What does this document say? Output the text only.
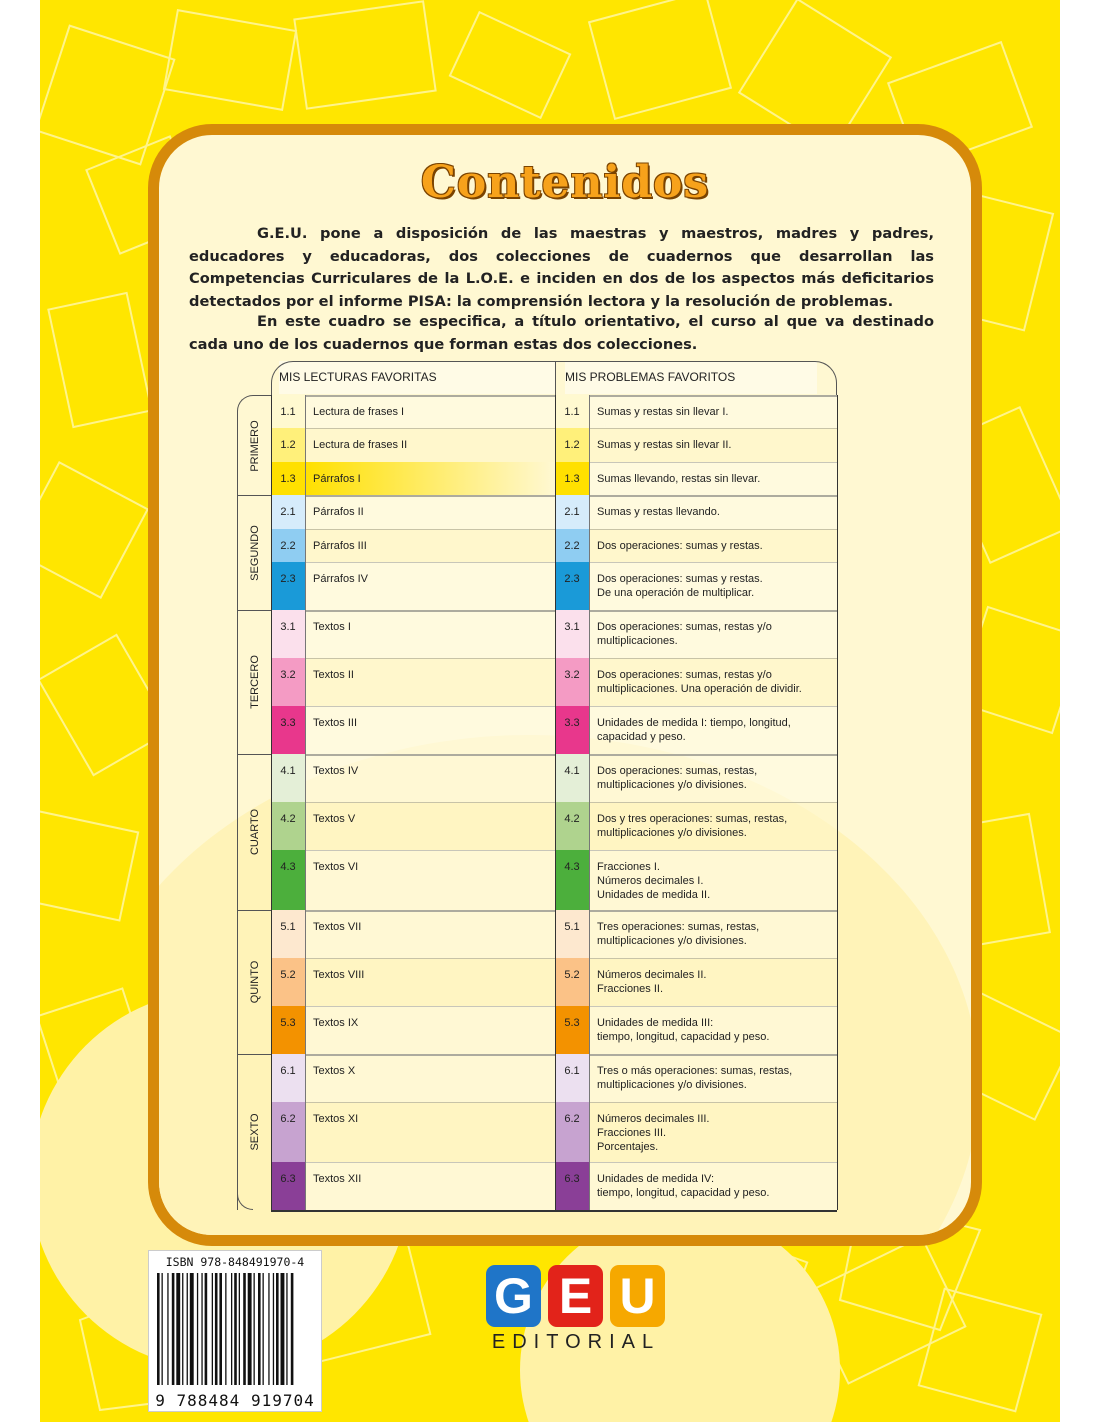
Contenidos
G.E.U. pone a disposición de las maestras y maestros, madres y padres, educadores y educadoras, dos colecciones de cuadernos que desarrollan las Competencias Curriculares de la L.O.E. e inciden en dos de los aspectos más deficitarios detectados por el informe PISA: la comprensión lectora y la resolución de problemas.
En este cuadro se especifica, a título orientativo, el curso al que va destinado cada uno de los cuadernos que forman estas dos colecciones.
MIS LECTURAS FAVORITAS	MIS PROBLEMAS FAVORITOS
PRIMERO
1.1	Lectura de frases I	1.1	Sumas y restas sin llevar I.
1.2	Lectura de frases II	1.2	Sumas y restas sin llevar II.
1.3	Párrafos I	1.3	Sumas llevando, restas sin llevar.
SEGUNDO
2.1	Párrafos II	2.1	Sumas y restas llevando.
2.2	Párrafos III	2.2	Dos operaciones: sumas y restas.
2.3	Párrafos IV	2.3	Dos operaciones: sumas y restas.
De una operación de multiplicar.
TERCERO
3.1	Textos I	3.1	Dos operaciones: sumas, restas y/o
multiplicaciones.
3.2	Textos II	3.2	Dos operaciones: sumas, restas y/o
multiplicaciones. Una operación de dividir.
3.3	Textos III	3.3	Unidades de medida I: tiempo, longitud,
capacidad y peso.
CUARTO
4.1	Textos IV	4.1	Dos operaciones: sumas, restas,
multiplicaciones y/o divisiones.
4.2	Textos V	4.2	Dos y tres operaciones: sumas, restas,
multiplicaciones y/o divisiones.
4.3	Textos VI	4.3	Fracciones I.
Números decimales I.
Unidades de medida II.
QUINTO
5.1	Textos VII	5.1	Tres operaciones: sumas, restas,
multiplicaciones y/o divisiones.
5.2	Textos VIII	5.2	Números decimales II.
Fracciones II.
5.3	Textos IX	5.3	Unidades de medida III:
tiempo, longitud, capacidad y peso.
SEXTO
6.1	Textos X	6.1	Tres o más operaciones: sumas, restas,
multiplicaciones y/o divisiones.
6.2	Textos XI	6.2	Números decimales III.
Fracciones III.
Porcentajes.
6.3	Textos XII	6.3	Unidades de medida IV:
tiempo, longitud, capacidad y peso.
ISBN 978-848491970-4
9 788484 919704
G E U
EDITORIAL
